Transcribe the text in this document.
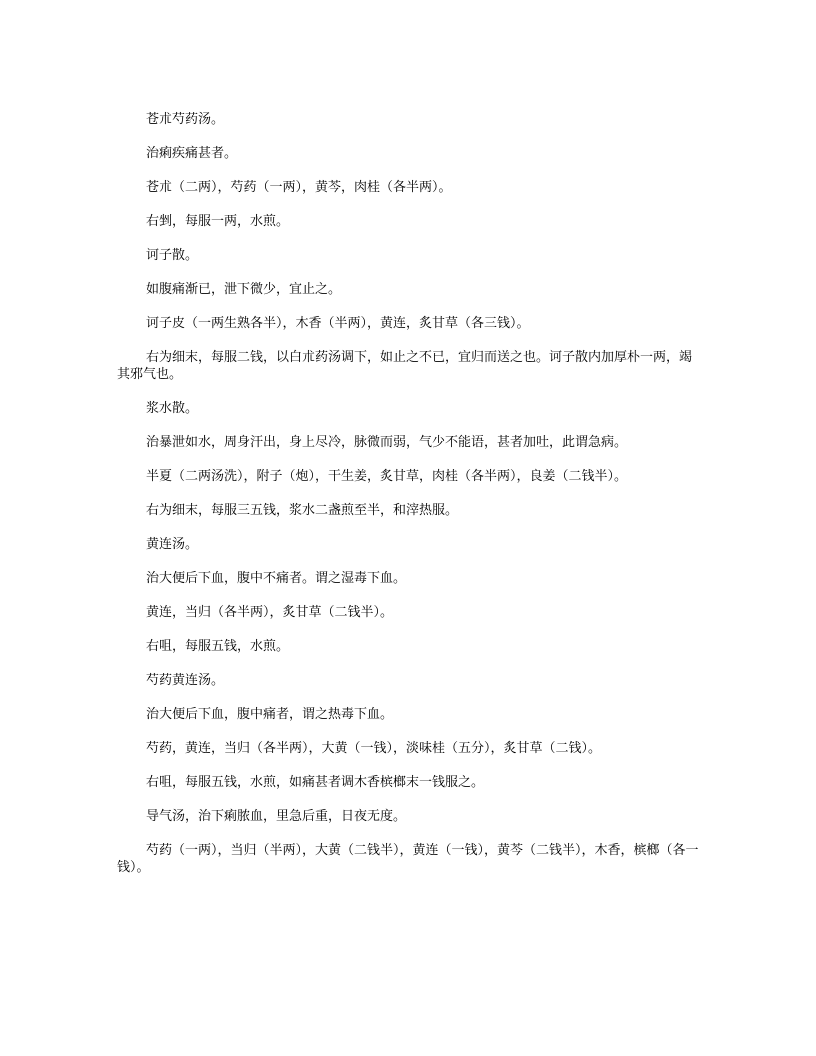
苍朮芍药汤。

治痢疾痛甚者。

苍朮（二两），芍药（一两），黄芩，肉桂（各半两）。

右剉，每服一两，水煎。

诃子散。

如腹痛渐已，泄下微少，宜止之。

诃子皮（一两生熟各半），木香（半两），黄连，炙甘草（各三钱）。

右为细末，每服二钱，以白朮药汤调下，如止之不已，宜归而送之也。诃子散内加厚朴一两，竭其邪气也。

浆水散。

治暴泄如水，周身汗出，身上尽冷，脉微而弱，气少不能语，甚者加吐，此谓急病。

半夏（二两汤洗），附子（炮），干生姜，炙甘草，肉桂（各半两），良姜（二钱半）。

右为细末，每服三五钱，浆水二盏煎至半，和滓热服。

黄连汤。

治大便后下血，腹中不痛者。谓之湿毒下血。

黄连，当归（各半两），炙甘草（二钱半）。

右咀，每服五钱，水煎。

芍药黄连汤。

治大便后下血，腹中痛者，谓之热毒下血。

芍药，黄连，当归（各半两），大黄（一钱），淡味桂（五分），炙甘草（二钱）。

右咀，每服五钱，水煎，如痛甚者调木香槟榔末一钱服之。

导气汤，治下痢脓血，里急后重，日夜无度。

芍药（一两），当归（半两），大黄（二钱半），黄连（一钱），黄芩（二钱半），木香，槟榔（各一钱）。
